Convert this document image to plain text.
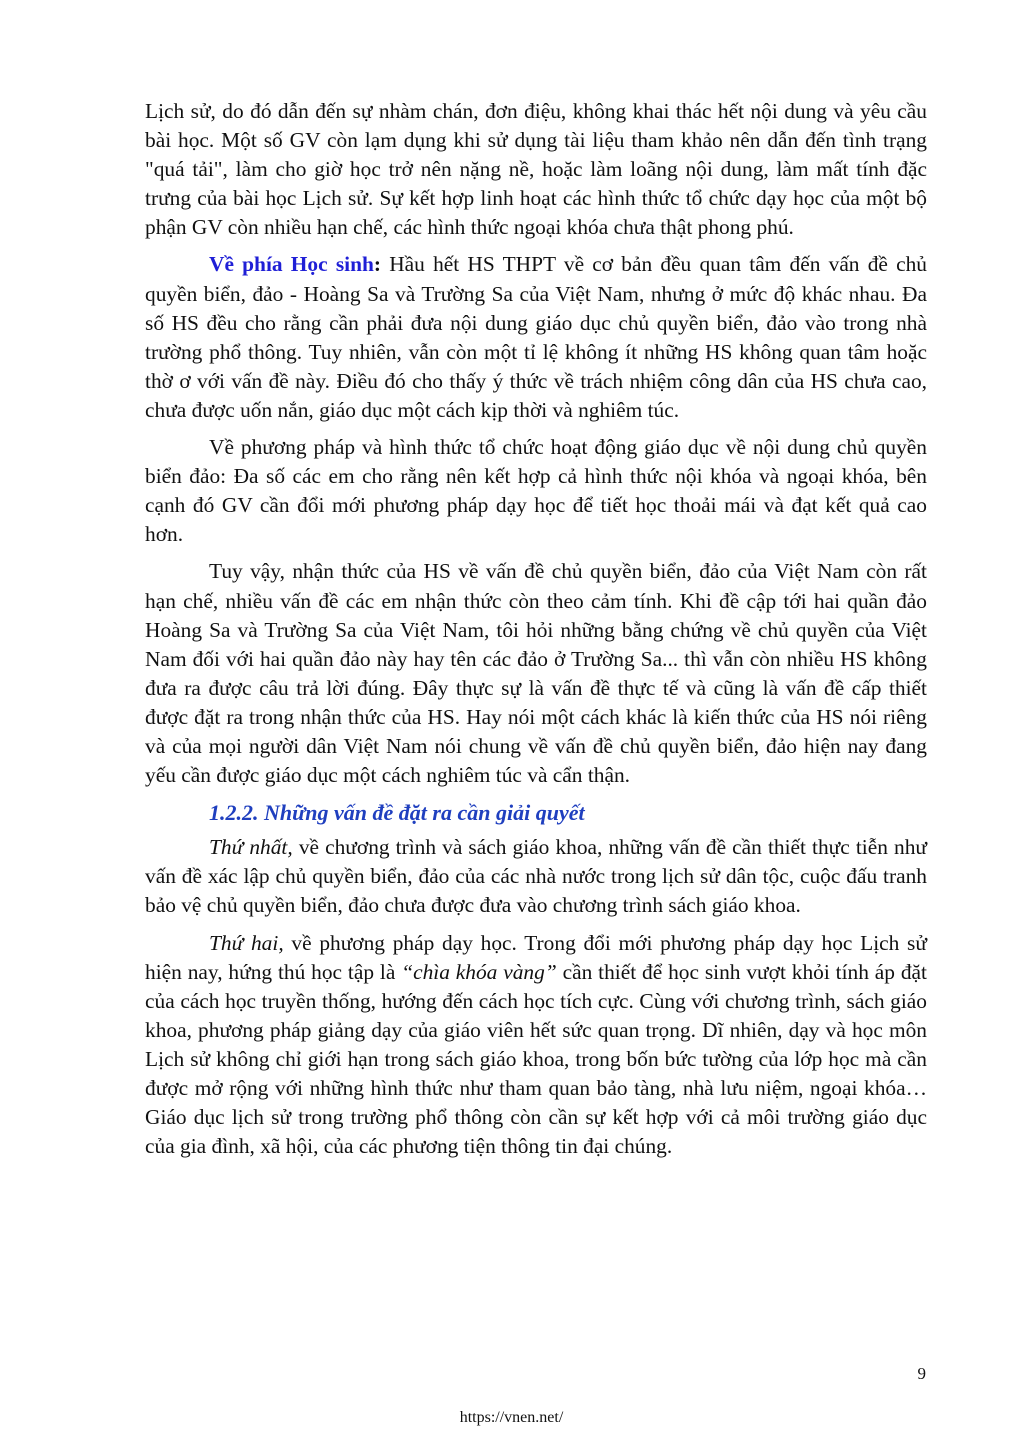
Lịch sử, do đó dẫn đến sự nhàm chán, đơn điệu, không khai thác hết nội dung và yêu cầu bài học. Một số GV còn lạm dụng khi sử dụng tài liệu tham khảo nên dẫn đến tình trạng "quá tải", làm cho giờ học trở nên nặng nề, hoặc làm loãng nội dung, làm mất tính đặc trưng của bài học Lịch sử. Sự kết hợp linh hoạt các hình thức tổ chức dạy học của một bộ phận GV còn nhiều hạn chế, các hình thức ngoại khóa chưa thật phong phú.

Về phía Học sinh: Hầu hết HS THPT về cơ bản đều quan tâm đến vấn đề chủ quyền biển, đảo - Hoàng Sa và Trường Sa của Việt Nam, nhưng ở mức độ khác nhau. Đa số HS đều cho rằng cần phải đưa nội dung giáo dục chủ quyền biển, đảo vào trong nhà trường phổ thông. Tuy nhiên, vẫn còn một tỉ lệ không ít những HS không quan tâm hoặc thờ ơ với vấn đề này. Điều đó cho thấy ý thức về trách nhiệm công dân của HS chưa cao, chưa được uốn nắn, giáo dục một cách kịp thời và nghiêm túc.

Về phương pháp và hình thức tổ chức hoạt động giáo dục về nội dung chủ quyền biển đảo: Đa số các em cho rằng nên kết hợp cả hình thức nội khóa và ngoại khóa, bên cạnh đó GV cần đổi mới phương pháp dạy học để tiết học thoải mái và đạt kết quả cao hơn.

Tuy vậy, nhận thức của HS về vấn đề chủ quyền biển, đảo của Việt Nam còn rất hạn chế, nhiều vấn đề các em nhận thức còn theo cảm tính. Khi đề cập tới hai quần đảo Hoàng Sa và Trường Sa của Việt Nam, tôi hỏi những bằng chứng về chủ quyền của Việt Nam đối với hai quần đảo này hay tên các đảo ở Trường Sa... thì vẫn còn nhiều HS không đưa ra được câu trả lời đúng. Đây thực sự là vấn đề thực tế và cũng là vấn đề cấp thiết được đặt ra trong nhận thức của HS. Hay nói một cách khác là kiến thức của HS nói riêng và của mọi người dân Việt Nam nói chung về vấn đề chủ quyền biển, đảo hiện nay đang yếu cần được giáo dục một cách nghiêm túc và cẩn thận.

1.2.2. Những vấn đề đặt ra cần giải quyết

Thứ nhất, về chương trình và sách giáo khoa, những vấn đề cần thiết thực tiễn như vấn đề xác lập chủ quyền biển, đảo của các nhà nước trong lịch sử dân tộc, cuộc đấu tranh bảo vệ chủ quyền biển, đảo chưa được đưa vào chương trình sách giáo khoa.

Thứ hai, về phương pháp dạy học. Trong đổi mới phương pháp dạy học Lịch sử hiện nay, hứng thú học tập là “chìa khóa vàng” cần thiết để học sinh vượt khỏi tính áp đặt của cách học truyền thống, hướng đến cách học tích cực. Cùng với chương trình, sách giáo khoa, phương pháp giảng dạy của giáo viên hết sức quan trọng. Dĩ nhiên, dạy và học môn Lịch sử không chỉ giới hạn trong sách giáo khoa, trong bốn bức tường của lớp học mà cần được mở rộng với những hình thức như tham quan bảo tàng, nhà lưu niệm, ngoại khóa… Giáo dục lịch sử trong trường phổ thông còn cần sự kết hợp với cả môi trường giáo dục của gia đình, xã hội, của các phương tiện thông tin đại chúng.

9
https://vnen.net/
